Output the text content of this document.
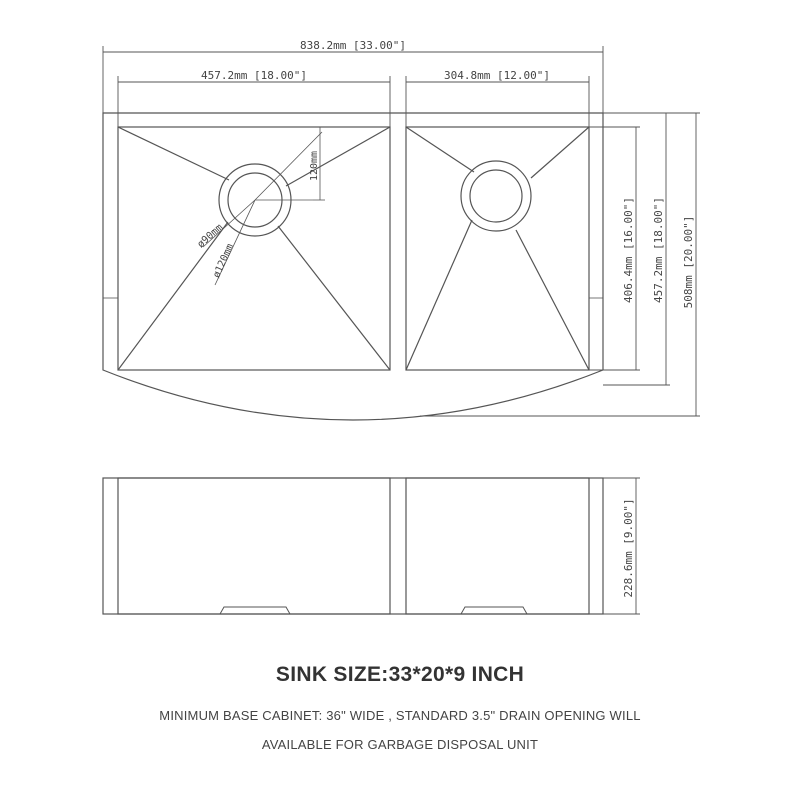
838.2mm [33.00"]
457.2mm [18.00"]	304.8mm [12.00"]
406.4mm [16.00"] 457.2mm [18.00"] 508mm [20.00"]
228.6mm [9.00"]
120mm
ø90mm
ø120mm
SINK SIZE:33*20*9 INCH
MINIMUM BASE CABINET: 36" WIDE , STANDARD 3.5" DRAIN OPENING WILL
AVAILABLE FOR GARBAGE DISPOSAL UNIT
